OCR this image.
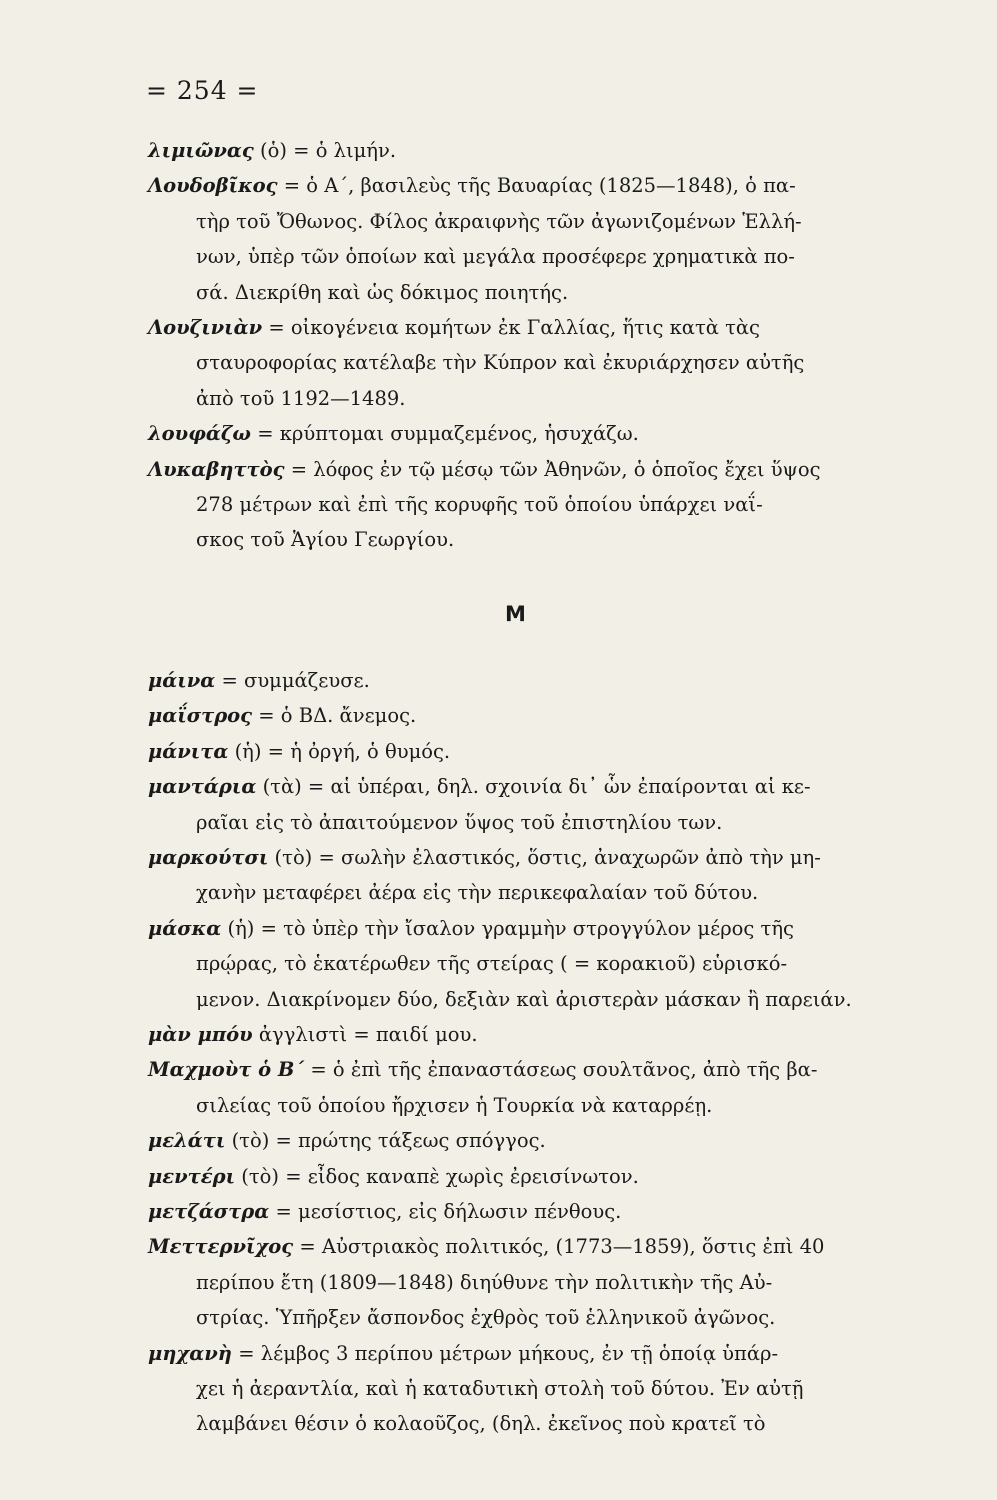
= 254 =

λιμιῶνας (ὁ) = ὁ λιμήν.

Λουδοβῖκος = ὁ Α΄, βασιλεὺς τῆς Βαυαρίας (1825—1848), ὁ πα-
τὴρ τοῦ Ὄθωνος. Φίλος ἀκραιφνὴς τῶν ἀγωνιζομένων Ἑλλή-
νων, ὑπὲρ τῶν ὁποίων καὶ μεγάλα προσέφερε χρηματικὰ πο-
σά. Διεκρίθη καὶ ὡς δόκιμος ποιητής.

Λουζινιὰν = οἰκογένεια κομήτων ἐκ Γαλλίας, ἥτις κατὰ τὰς
σταυροφορίας κατέλαβε τὴν Κύπρον καὶ ἐκυριάρχησεν αὐτῆς
ἀπὸ τοῦ 1192—1489.

λουφάζω = κρύπτομαι συμμαζεμένος, ἡσυχάζω.

Λυκαβηττὸς = λόφος ἐν τῷ μέσῳ τῶν Ἀθηνῶν, ὁ ὁποῖος ἔχει ὕψος
278 μέτρων καὶ ἐπὶ τῆς κορυφῆς τοῦ ὁποίου ὑπάρχει ναΐ-
σκος τοῦ Ἁγίου Γεωργίου.

Μ

μάινα = συμμάζευσε.

μαΐστρος = ὁ ΒΔ. ἄνεμος.

μάνιτα (ἡ) = ἡ ὀργή, ὁ θυμός.

μαντάρια (τὰ) = αἱ ὑπέραι, δηλ. σχοινία δι᾿ ὧν ἐπαίρονται αἱ κε-
ραῖαι εἰς τὸ ἀπαιτούμενον ὕψος τοῦ ἐπιστηλίου των.

μαρκούτσι (τὸ) = σωλὴν ἐλαστικός, ὅστις, ἀναχωρῶν ἀπὸ τὴν μη-
χανὴν μεταφέρει ἀέρα εἰς τὴν περικεφαλαίαν τοῦ δύτου.

μάσκα (ἡ) = τὸ ὑπὲρ τὴν ἴσαλον γραμμὴν στρογγύλον μέρος τῆς
πρῴρας, τὸ ἑκατέρωθεν τῆς στείρας ( = κορακιοῦ) εὑρισκό-
μενον. Διακρίνομεν δύο, δεξιὰν καὶ ἀριστερὰν μάσκαν ἢ παρειάν.

μὰν μπόυ ἀγγλιστὶ = παιδί μου.

Μαχμοὺτ ὁ Β΄ = ὁ ἐπὶ τῆς ἐπαναστάσεως σουλτᾶνος, ἀπὸ τῆς βα-
σιλείας τοῦ ὁποίου ἤρχισεν ἡ Τουρκία νὰ καταρρέῃ.

μελάτι (τὸ) = πρώτης τάξεως σπόγγος.

μεντέρι (τὸ) = εἶδος καναπὲ χωρὶς ἐρεισίνωτον.

μετζάστρα = μεσίστιος, εἰς δήλωσιν πένθους.

Μεττερνῖχος = Αὐστριακὸς πολιτικός, (1773—1859), ὅστις ἐπὶ 40
περίπου ἔτη (1809—1848) διηύθυνε τὴν πολιτικὴν τῆς Αὐ-
στρίας. Ὑπῆρξεν ἄσπονδος ἐχθρὸς τοῦ ἑλληνικοῦ ἀγῶνος.

μηχανὴ = λέμβος 3 περίπου μέτρων μήκους, ἐν τῇ ὁποίᾳ ὑπάρ-
χει ἡ ἀεραντλία, καὶ ἡ καταδυτικὴ στολὴ τοῦ δύτου. Ἐν αὐτῇ
λαμβάνει θέσιν ὁ κολαοῦζος, (δηλ. ἐκεῖνος ποὺ κρατεῖ τὸ
